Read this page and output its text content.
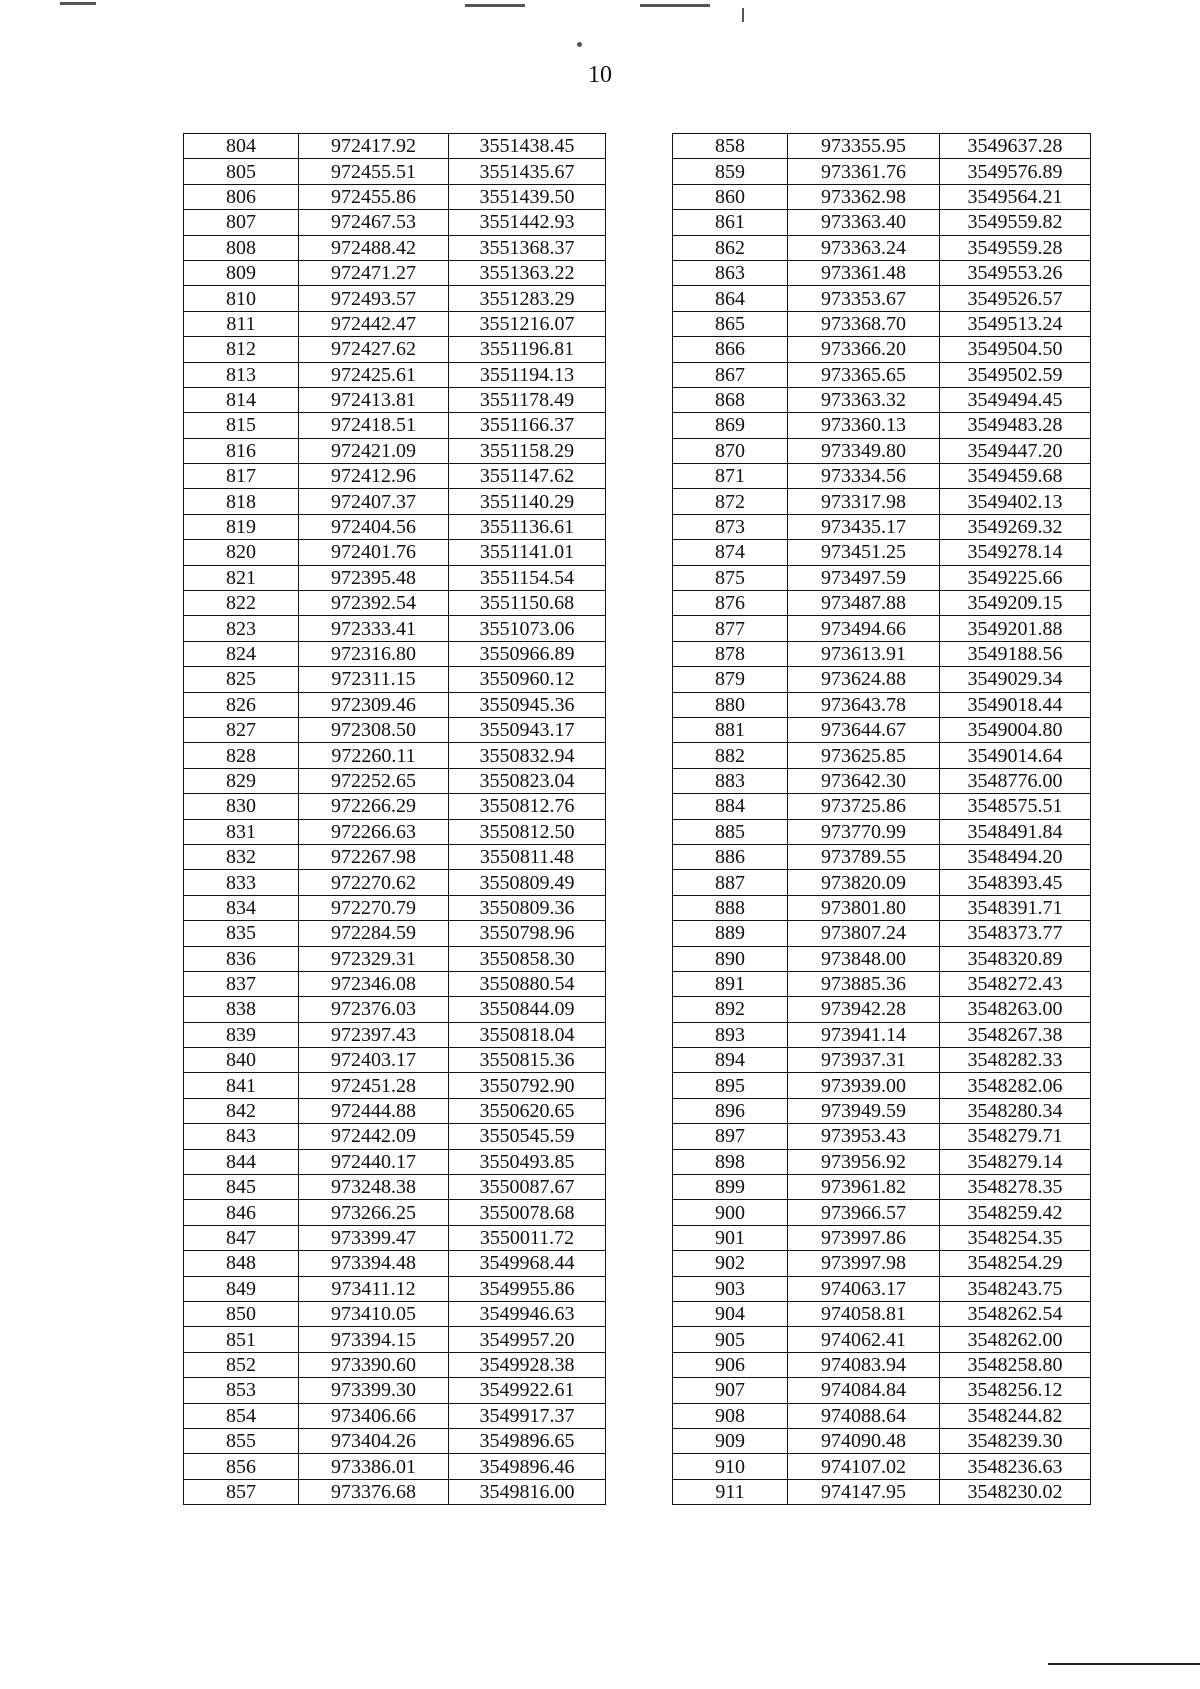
10
804	972417.92	3551438.45
805	972455.51	3551435.67
806	972455.86	3551439.50
807	972467.53	3551442.93
808	972488.42	3551368.37
809	972471.27	3551363.22
810	972493.57	3551283.29
811	972442.47	3551216.07
812	972427.62	3551196.81
813	972425.61	3551194.13
814	972413.81	3551178.49
815	972418.51	3551166.37
816	972421.09	3551158.29
817	972412.96	3551147.62
818	972407.37	3551140.29
819	972404.56	3551136.61
820	972401.76	3551141.01
821	972395.48	3551154.54
822	972392.54	3551150.68
823	972333.41	3551073.06
824	972316.80	3550966.89
825	972311.15	3550960.12
826	972309.46	3550945.36
827	972308.50	3550943.17
828	972260.11	3550832.94
829	972252.65	3550823.04
830	972266.29	3550812.76
831	972266.63	3550812.50
832	972267.98	3550811.48
833	972270.62	3550809.49
834	972270.79	3550809.36
835	972284.59	3550798.96
836	972329.31	3550858.30
837	972346.08	3550880.54
838	972376.03	3550844.09
839	972397.43	3550818.04
840	972403.17	3550815.36
841	972451.28	3550792.90
842	972444.88	3550620.65
843	972442.09	3550545.59
844	972440.17	3550493.85
845	973248.38	3550087.67
846	973266.25	3550078.68
847	973399.47	3550011.72
848	973394.48	3549968.44
849	973411.12	3549955.86
850	973410.05	3549946.63
851	973394.15	3549957.20
852	973390.60	3549928.38
853	973399.30	3549922.61
854	973406.66	3549917.37
855	973404.26	3549896.65
856	973386.01	3549896.46
857	973376.68	3549816.00
858	973355.95	3549637.28
859	973361.76	3549576.89
860	973362.98	3549564.21
861	973363.40	3549559.82
862	973363.24	3549559.28
863	973361.48	3549553.26
864	973353.67	3549526.57
865	973368.70	3549513.24
866	973366.20	3549504.50
867	973365.65	3549502.59
868	973363.32	3549494.45
869	973360.13	3549483.28
870	973349.80	3549447.20
871	973334.56	3549459.68
872	973317.98	3549402.13
873	973435.17	3549269.32
874	973451.25	3549278.14
875	973497.59	3549225.66
876	973487.88	3549209.15
877	973494.66	3549201.88
878	973613.91	3549188.56
879	973624.88	3549029.34
880	973643.78	3549018.44
881	973644.67	3549004.80
882	973625.85	3549014.64
883	973642.30	3548776.00
884	973725.86	3548575.51
885	973770.99	3548491.84
886	973789.55	3548494.20
887	973820.09	3548393.45
888	973801.80	3548391.71
889	973807.24	3548373.77
890	973848.00	3548320.89
891	973885.36	3548272.43
892	973942.28	3548263.00
893	973941.14	3548267.38
894	973937.31	3548282.33
895	973939.00	3548282.06
896	973949.59	3548280.34
897	973953.43	3548279.71
898	973956.92	3548279.14
899	973961.82	3548278.35
900	973966.57	3548259.42
901	973997.86	3548254.35
902	973997.98	3548254.29
903	974063.17	3548243.75
904	974058.81	3548262.54
905	974062.41	3548262.00
906	974083.94	3548258.80
907	974084.84	3548256.12
908	974088.64	3548244.82
909	974090.48	3548239.30
910	974107.02	3548236.63
911	974147.95	3548230.02
